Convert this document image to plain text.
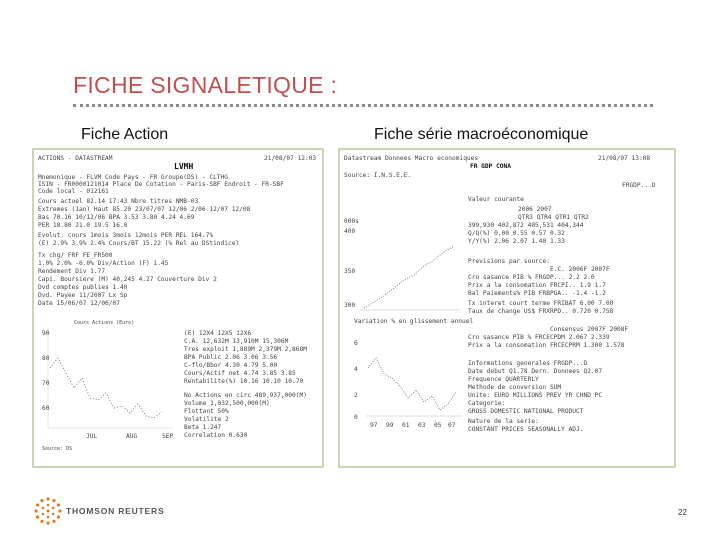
FICHE SIGNALETIQUE :
Fiche Action	Fiche série macroéconomique
ACTIONS - DATASTREAM	21/08/07 12:03
LVMH
Mnemonique - FLVM Code Pays - FR Groupe(DS) - CLTHG
ISIN - FR0000121014 Place De Cotation - Paris-SBF Endroit - FR-SBF
Code local - 012161
Cours actuel 82.14 17:43 Nbre titres NMB-03
Extremes (1an) Haut 85.20 23/07/07 12/06 2/06 12/07 12/08
Bas 70.16 10/12/06 BPA 3.53 3.80 4.24 4.69
PER 18.80 21.0 19.5 16.0
Evolut. cours 1mois 3mois 12mois PER REL 164.7%
(E) 2.9% 3.9% 2.4% Cours/BT 15.22 (% Rel au DStindice)
Tx chg/ FRF FE_FR500
1.0% 2.0% -6.0% Div/Action (F) 1.45
Rendement Div 1.77
Capi. Boursiere (M) 40,245 4.27 Couverture Div 2
Dvd comptes publies 1.40
Dvd. Payee 11/2007 Lx Sp
Date 15/06/07 12/06/07
Cours Actions (Euro)
90
80
70
60
JUL	AUG	SEP
Source: DS
(E) 12X4 12X5 12X6
C.A. 12,632M 13,910M 15,306M
Tres exploit 1,889M 2,379M 2,868M
BPA Public 2.06 3.06 3.56
C-flo/Bbor 4.30 4.79 5.00
Cours/Actif net 4.74 3.85 3.85
Rentabilite(%) 10.16 10.10 10.70
No Actions en circ 489,937,000(M)
Volume 1,032,500,000(M)
Flottant 50%
Volatilite 2
Beta 1.247
Correlation 0.630
Datastream Donnees Macro economiques	21/08/07 13:08
FR GDP CONA
Source: I.N.S.E.E.
FRGDP...D
Valeur courante
2006 2007
QTR3 QTR4 QTR1 QTR2
399,930 402,872 405,531 404,344
Q/Q(%) 0.00 0.55 0.57 0.32
Y/Y(%) 2.06 2.07 1.40 1.33
Previsions par source:
E.C. 2006F 2007F
Cro sasance PIB % FRGDP... 2.2 2.0
Prix a la consomation FRCPI.. 1.9 1.7
Bal Paiements% PIB FRBPGA.. -1.4 -1.2
Tx interet court terme FRIBAT 6.00 7.00
Taux de change US$ FRXRPD.. 0.720 0.758
Consensus 2007F 2008F
Cro sasance PIB % FRCECPDM 2.067 2.339
Prix a la consomation FRCECPRM 1.300 1.578
Informations generales FRGDP...D
Date debut Q1.78 Dern. Donnees Q2.07
Frequence QUARTERLY
Methode de conversion SUM
Unite: EURO MILLIONS PREV YR CHND PC
Categorie:
GROSS DOMESTIC NATIONAL PRODUCT
Nature de la serie:
CONSTANT PRICES SEASONALLY ADJ.
000s
400
350
300
Variation % en glissement annuel
6
4
2
0
97 99 01 03 05 07
THOMSON REUTERS	22
